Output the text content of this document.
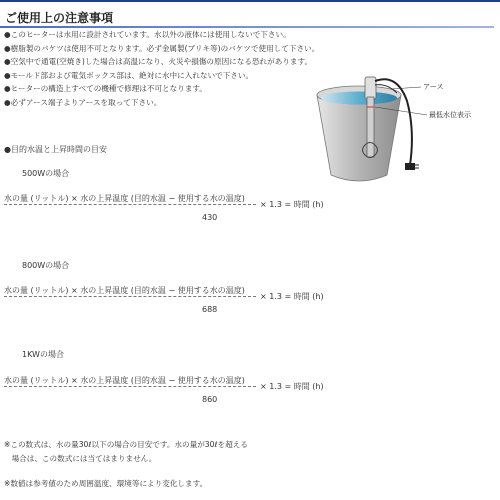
ご使用上の注意事項
●このヒーターは水用に設計されています。水以外の液体には使用しないで下さい。
●樹脂製のバケツは使用不可となります。必ず金属製(ブリキ等)のバケツで使用して下さい。
●空気中で通電(空焼き)した場合は高温になり、火災や損傷の原因になる恐れがあります。
●モールド部および電気ボックス部は、絶対に水中に入れないで下さい。
●ヒーターの構造上すべての機種で修理は不可となります。
●必ずアース端子よりアースを取って下さい。
アース
最低水位表示
●目的水温と上昇時間の目安
500Wの場合
水の量 (リットル) × 水の上昇温度 (目的水温 − 使用する水の温度)
× 1.3 = 時間 (h)
430
800Wの場合
水の量 (リットル) × 水の上昇温度 (目的水温 − 使用する水の温度)
× 1.3 = 時間 (h)
688
1KWの場合
水の量 (リットル) × 水の上昇温度 (目的水温 − 使用する水の温度)
× 1.3 = 時間 (h)
860
※この数式は、水の量30ℓ以下の場合の目安です。水の量が30ℓを超える
　場合は、この数式には当てはまりません。
※数値は参考値のため周囲温度、環境等により変化します。
